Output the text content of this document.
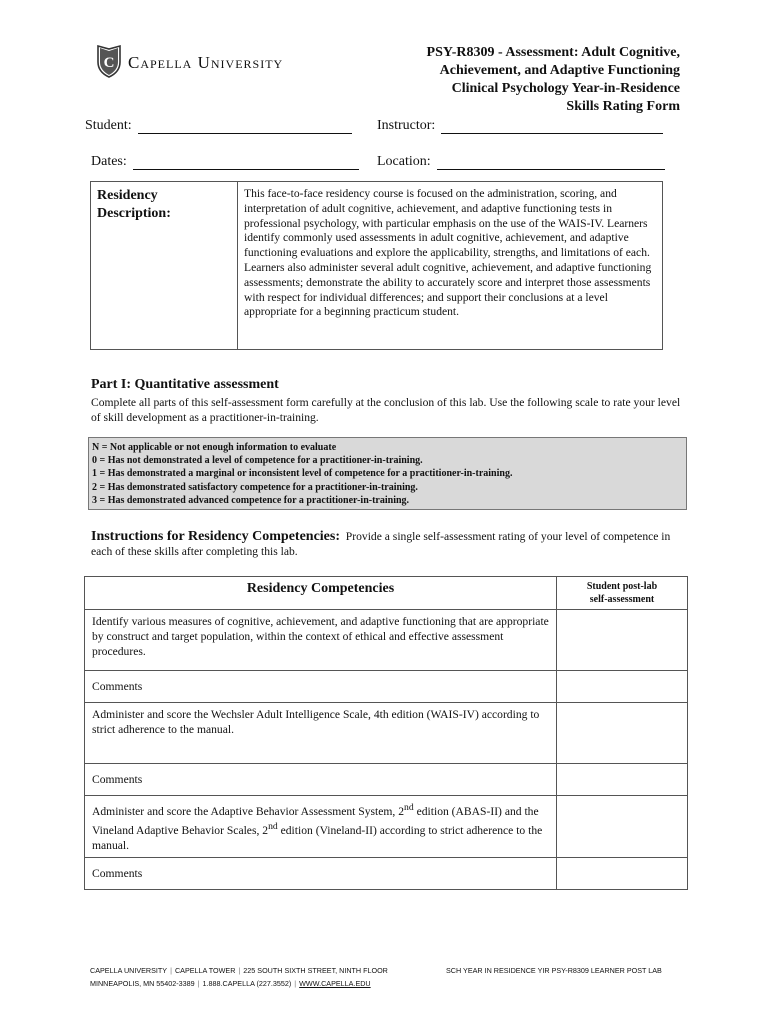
C Capella University
PSY-R8309 - Assessment: Adult Cognitive,
Achievement, and Adaptive Functioning
Clinical Psychology Year-in-Residence
Skills Rating Form
Student:	Instructor:
Dates:	Location:
Residency
Description:
This face-to-face residency course is focused on the administration, scoring, and interpretation of adult cognitive, achievement, and adaptive functioning tests in professional psychology, with particular emphasis on the use of the WAIS-IV. Learners identify commonly used assessments in adult cognitive, achievement, and adaptive functioning evaluations and explore the applicability, strengths, and limitations of each. Learners also administer several adult cognitive, achievement, and adaptive functioning assessments; demonstrate the ability to accurately score and interpret those assessments with respect for individual differences; and support their conclusions at a level appropriate for a beginning practicum student.
Part I: Quantitative assessment
Complete all parts of this self-assessment form carefully at the conclusion of this lab. Use the following scale to rate your level of skill development as a practitioner-in-training.
N = Not applicable or not enough information to evaluate
0 = Has not demonstrated a level of competence for a practitioner-in-training.
1 = Has demonstrated a marginal or inconsistent level of competence for a practitioner-in-training.
2 = Has demonstrated satisfactory competence for a practitioner-in-training.
3 = Has demonstrated advanced competence for a practitioner-in-training.
Instructions for Residency Competencies: Provide a single self-assessment rating of your level of competence in each of these skills after completing this lab.
Residency Competencies	Student post-lab
self-assessment

Identify various measures of cognitive, achievement, and adaptive functioning that are appropriate by construct and target population, within the context of ethical and effective assessment procedures.	
Comments	
Administer and score the Wechsler Adult Intelligence Scale, 4th edition (WAIS-IV) according to strict adherence to the manual.	
Comments	
Administer and score the Adaptive Behavior Assessment System, 2nd edition (ABAS-II) and the Vineland Adaptive Behavior Scales, 2nd edition (Vineland-II) according to strict adherence to the manual.	
Comments	
CAPELLA UNIVERSITY | CAPELLA TOWER | 225 SOUTH SIXTH STREET, NINTH FLOOR
MINNEAPOLIS, MN 55402-3389 | 1.888.CAPELLA (227.3552) | WWW.CAPELLA.EDU
SCH YEAR IN RESIDENCE YIR PSY-R8309 LEARNER POST LAB
